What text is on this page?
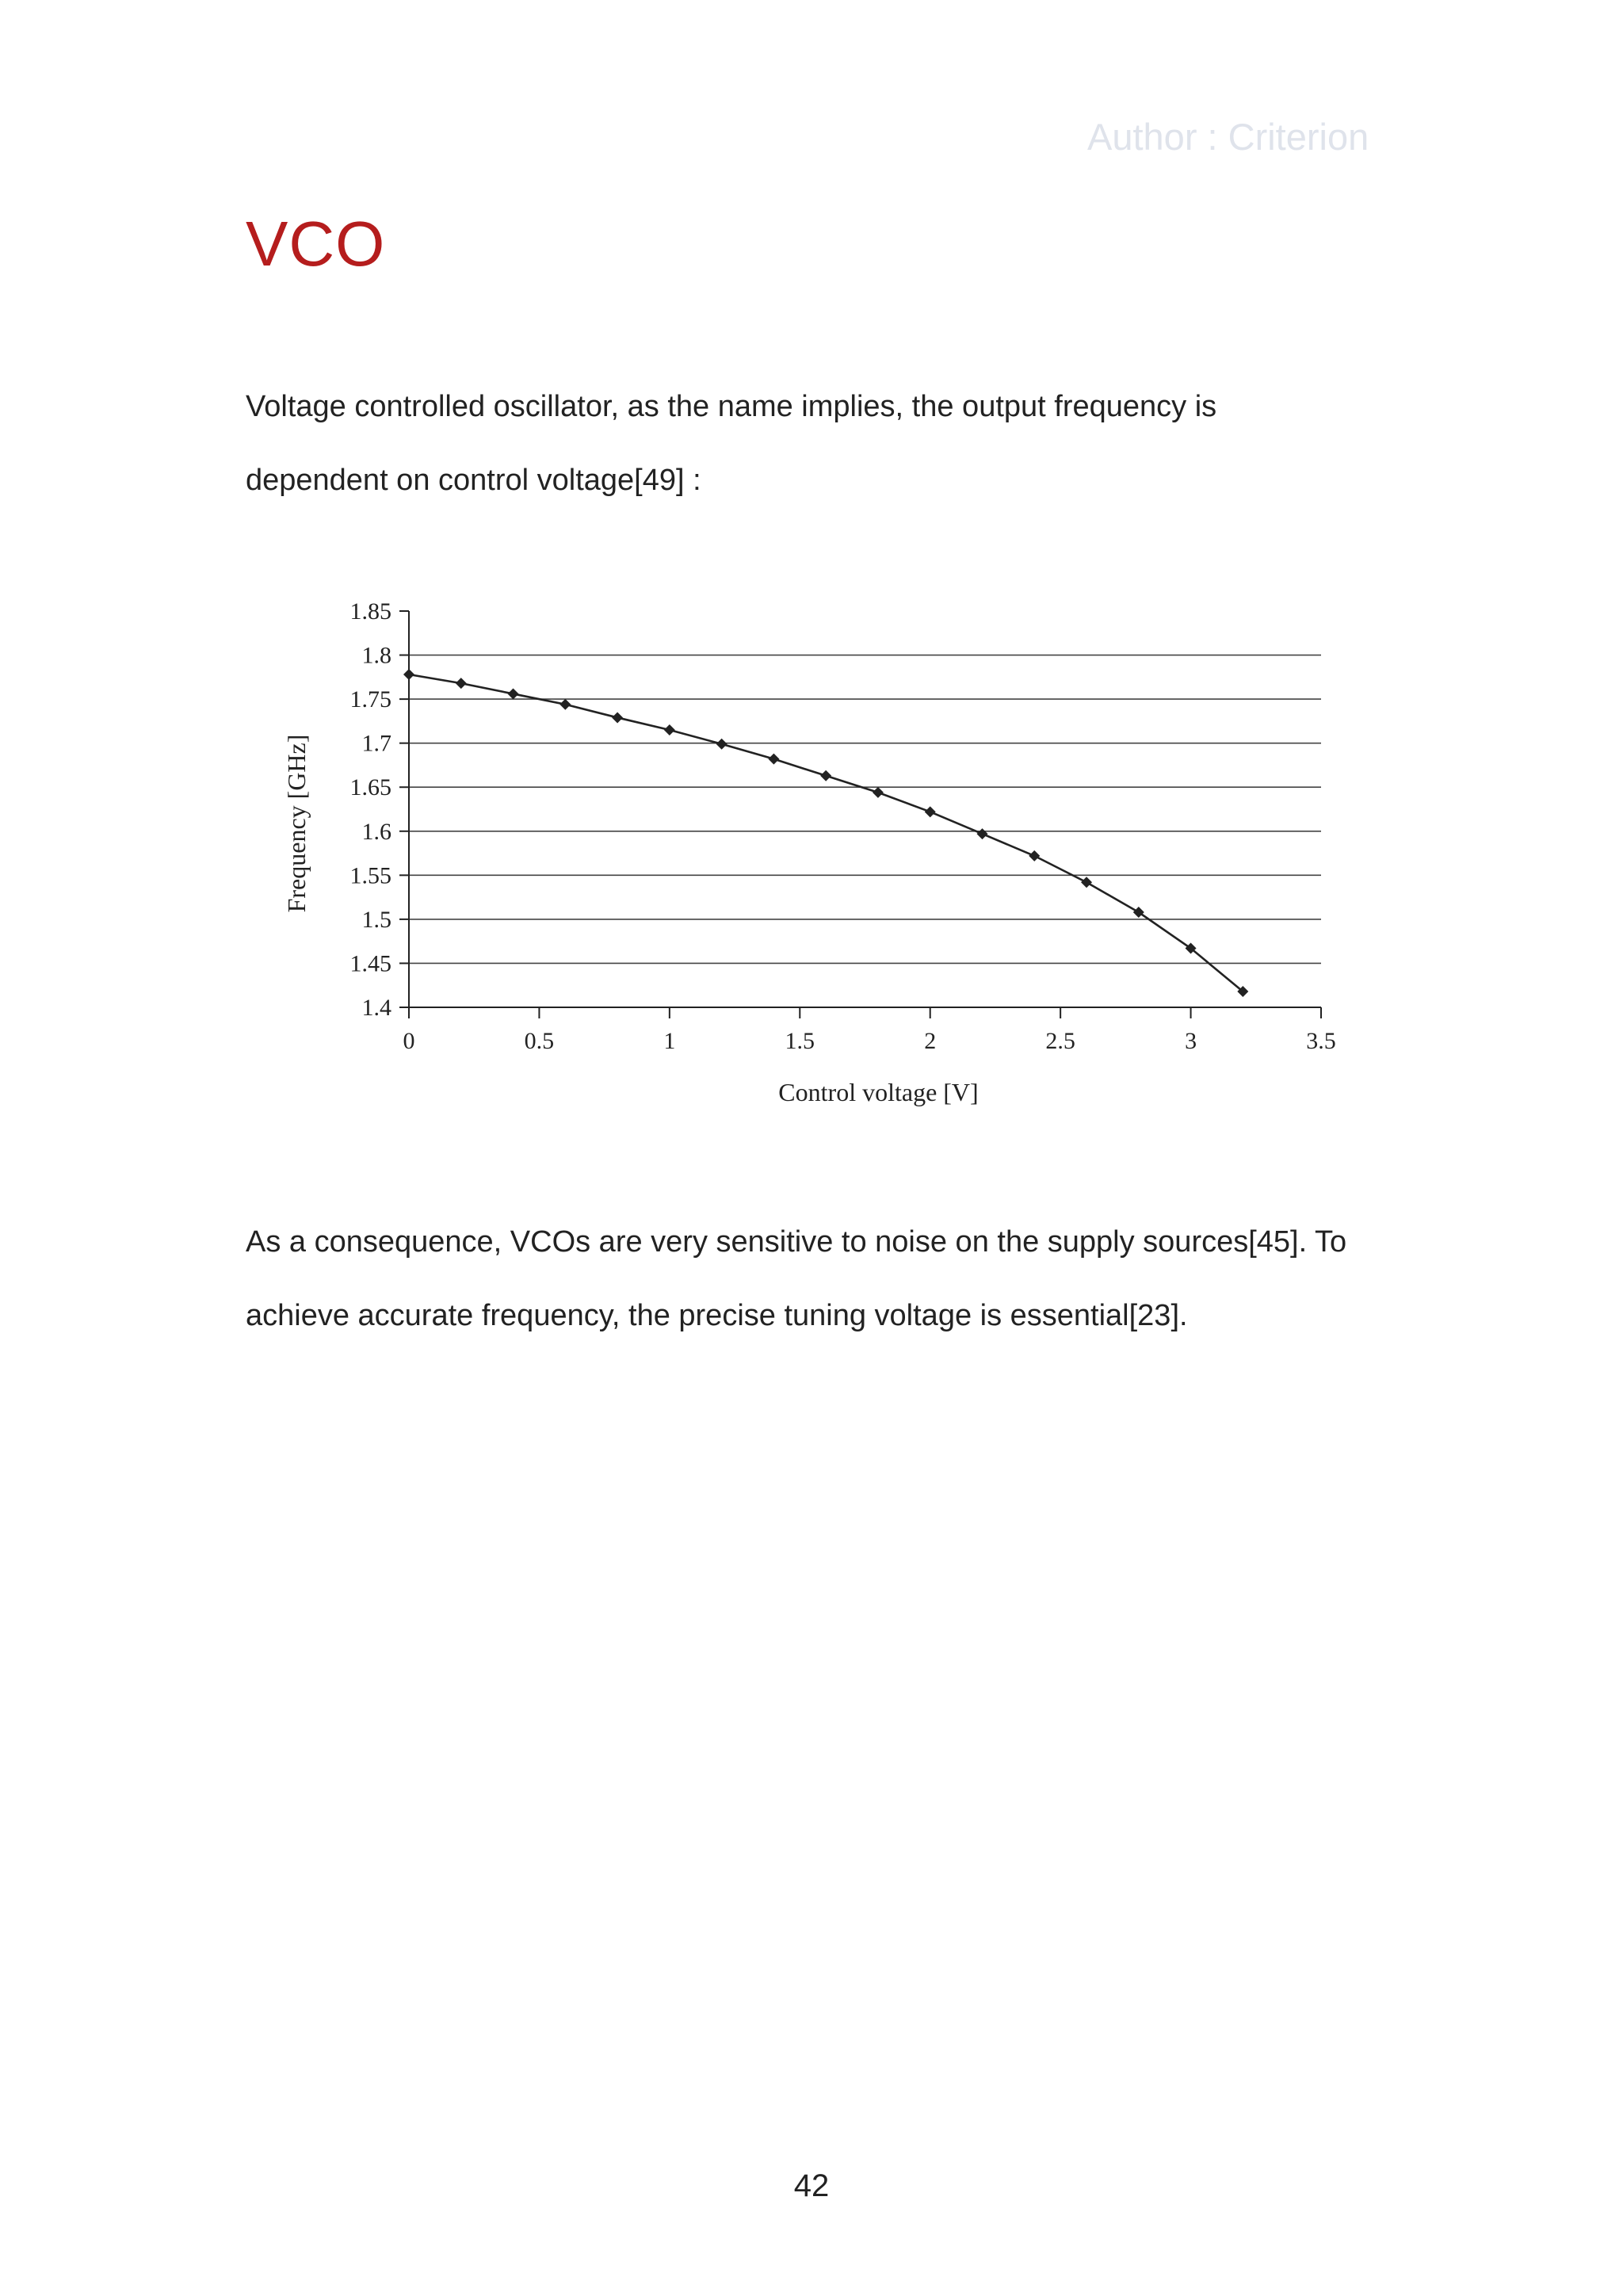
Author : Criterion
VCO
Voltage controlled oscillator, as the name implies, the output frequency is
dependent on control voltage[49] :
1.85
1.8
1.75
1.7
1.65
1.6
1.55
1.5
1.45
1.4
0	0.5	1	1.5	2	2.5	3	3.5
Control voltage [V]
Frequency [GHz]
As a consequence, VCOs are very sensitive to noise on the supply sources[45]. To
achieve accurate frequency, the precise tuning voltage is essential[23].
42
